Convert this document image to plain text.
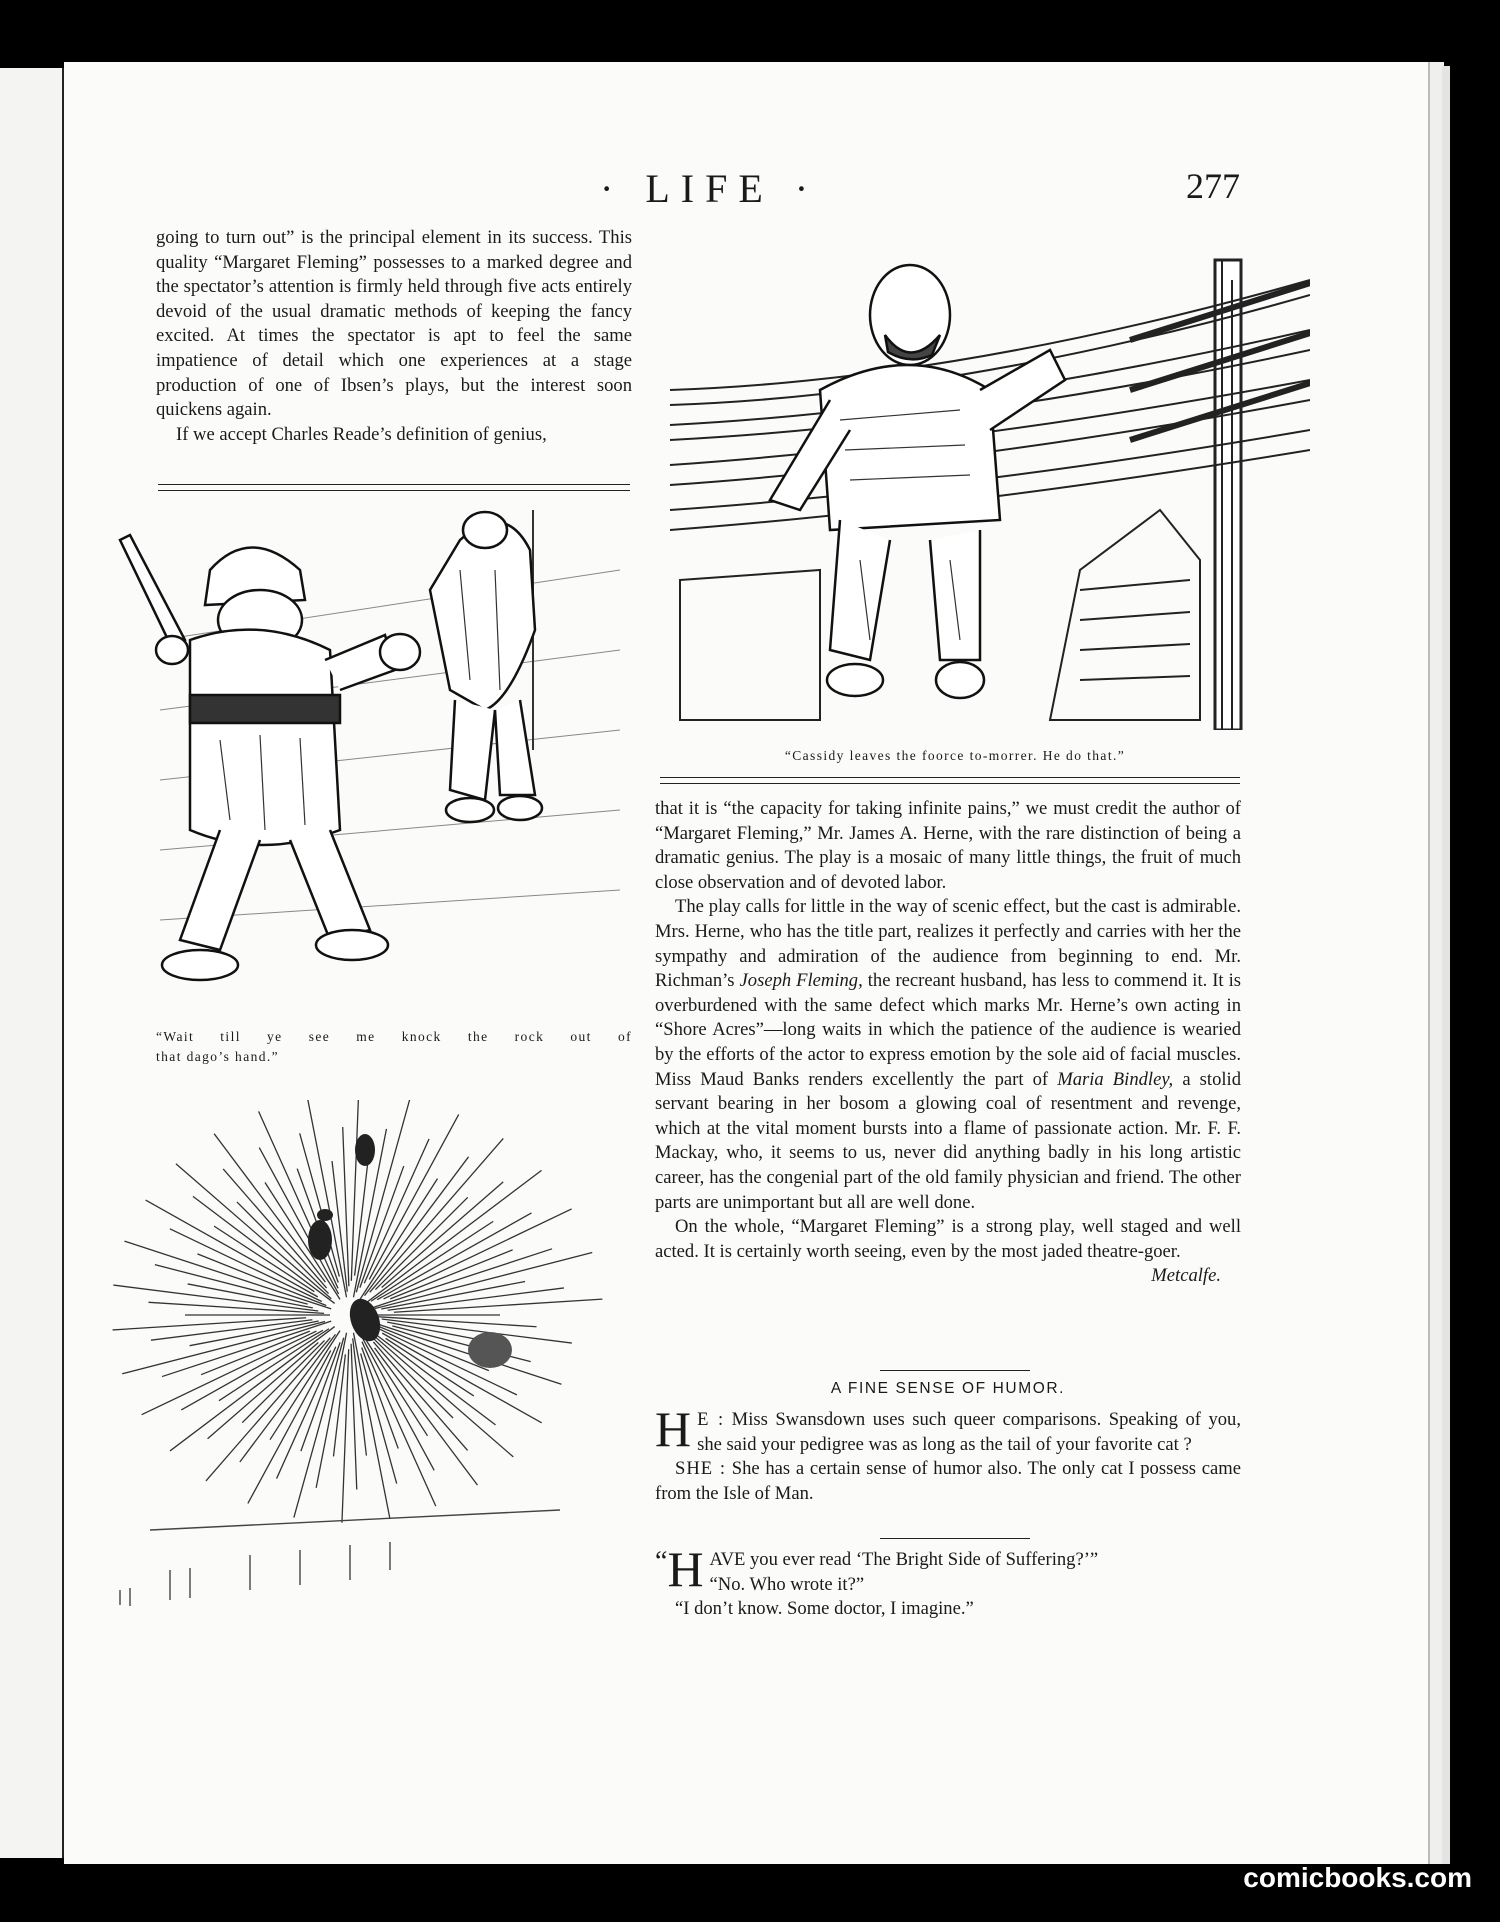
· LIFE ·	277

going to turn out” is the principal element in its success. This quality “Margaret Fleming” possesses to a marked degree and the spectator’s attention is firmly held through five acts entirely devoid of the usual dramatic methods of keeping the fancy excited. At times the spectator is apt to feel the same impatience of detail which one experiences at a stage production of one of Ibsen’s plays, but the interest soon quickens again.

If we accept Charles Reade’s definition of genius,

“Cassidy leaves the foorce to-morrer. He do that.”
“Wait till ye see me knock the rock out of
that dago’s hand.”

that it is “the capacity for taking infinite pains,” we must credit the author of “Margaret Fleming,” Mr. James A. Herne, with the rare distinction of being a dramatic genius. The play is a mosaic of many little things, the fruit of much close observation and of devoted labor.

The play calls for little in the way of scenic effect, but the cast is admirable. Mrs. Herne, who has the title part, realizes it perfectly and carries with her the sympathy and admiration of the audience from beginning to end. Mr. Richman’s Joseph Fleming, the recreant husband, has less to commend it. It is overburdened with the same defect which marks Mr. Herne’s own acting in “Shore Acres”—long waits in which the patience of the audience is wearied by the efforts of the actor to express emotion by the sole aid of facial muscles. Miss Maud Banks renders excellently the part of Maria Bindley, a stolid servant bearing in her bosom a glowing coal of resentment and revenge, which at the vital moment bursts into a flame of passionate action. Mr. F. F. Mackay, who, it seems to us, never did anything badly in his long artistic career, has the congenial part of the old family physician and friend. The other parts are unimportant but all are well done.

On the whole, “Margaret Fleming” is a strong play, well staged and well acted. It is certainly worth seeing, even by the most jaded theatre-goer.
Metcalfe.

A FINE SENSE OF HUMOR.

H E : Miss Swansdown uses such queer comparisons. Speaking of you, she said your pedigree was as long as the tail of your favorite cat ?

SHE : She has a certain sense of humor also. The only cat I possess came from the Isle of Man.

“ H AVE you ever read ‘The Bright Side of Suffering?’”
“No. Who wrote it?”

“I don’t know. Some doctor, I imagine.”

comicbooks.com
